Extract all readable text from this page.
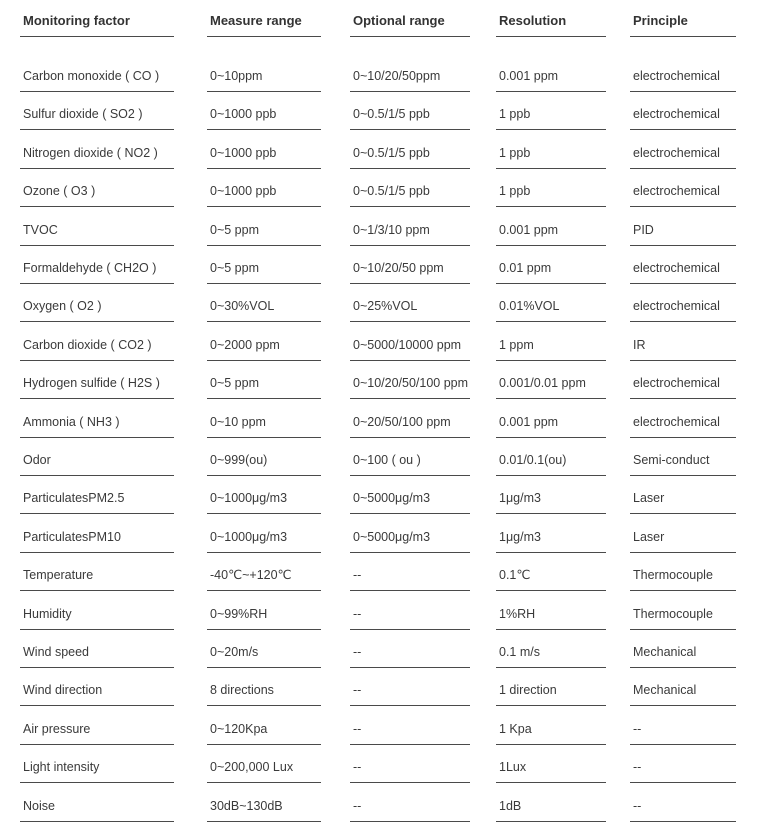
Monitoring factor
Carbon monoxide ( CO )
Sulfur dioxide ( SO2 )
Nitrogen dioxide ( NO2 )
Ozone ( O3 )
TVOC
Formaldehyde ( CH2O )
Oxygen ( O2 )
Carbon dioxide ( CO2 )
Hydrogen sulfide ( H2S )
Ammonia ( NH3 )
Odor
ParticulatesPM2.5
ParticulatesPM10
Temperature
Humidity
Wind speed
Wind direction
Air pressure
Light intensity
Noise
Measure range
0~10ppm
0~1000 ppb
0~1000 ppb
0~1000 ppb
0~5 ppm
0~5 ppm
0~30%VOL
0~2000 ppm
0~5 ppm
0~10 ppm
0~999(ou)
0~1000μg/m3
0~1000μg/m3
-40℃~+120℃
0~99%RH
0~20m/s
8 directions
0~120Kpa
0~200,000 Lux
30dB~130dB
Optional range
0~10/20/50ppm
0~0.5/1/5 ppb
0~0.5/1/5 ppb
0~0.5/1/5 ppb
0~1/3/10 ppm
0~10/20/50 ppm
0~25%VOL
0~5000/10000 ppm
0~10/20/50/100 ppm
0~20/50/100 ppm
0~100 ( ou )
0~5000μg/m3
0~5000μg/m3
--
--
--
--
--
--
--
Resolution
0.001 ppm
1 ppb
1 ppb
1 ppb
0.001 ppm
0.01 ppm
0.01%VOL
1 ppm
0.001/0.01 ppm
0.001 ppm
0.01/0.1(ou)
1μg/m3
1μg/m3
0.1℃
1%RH
0.1 m/s
1 direction
1 Kpa
1Lux
1dB
Principle
electrochemical
electrochemical
electrochemical
electrochemical
PID
electrochemical
electrochemical
IR
electrochemical
electrochemical
Semi-conduct
Laser
Laser
Thermocouple
Thermocouple
Mechanical
Mechanical
--
--
--
